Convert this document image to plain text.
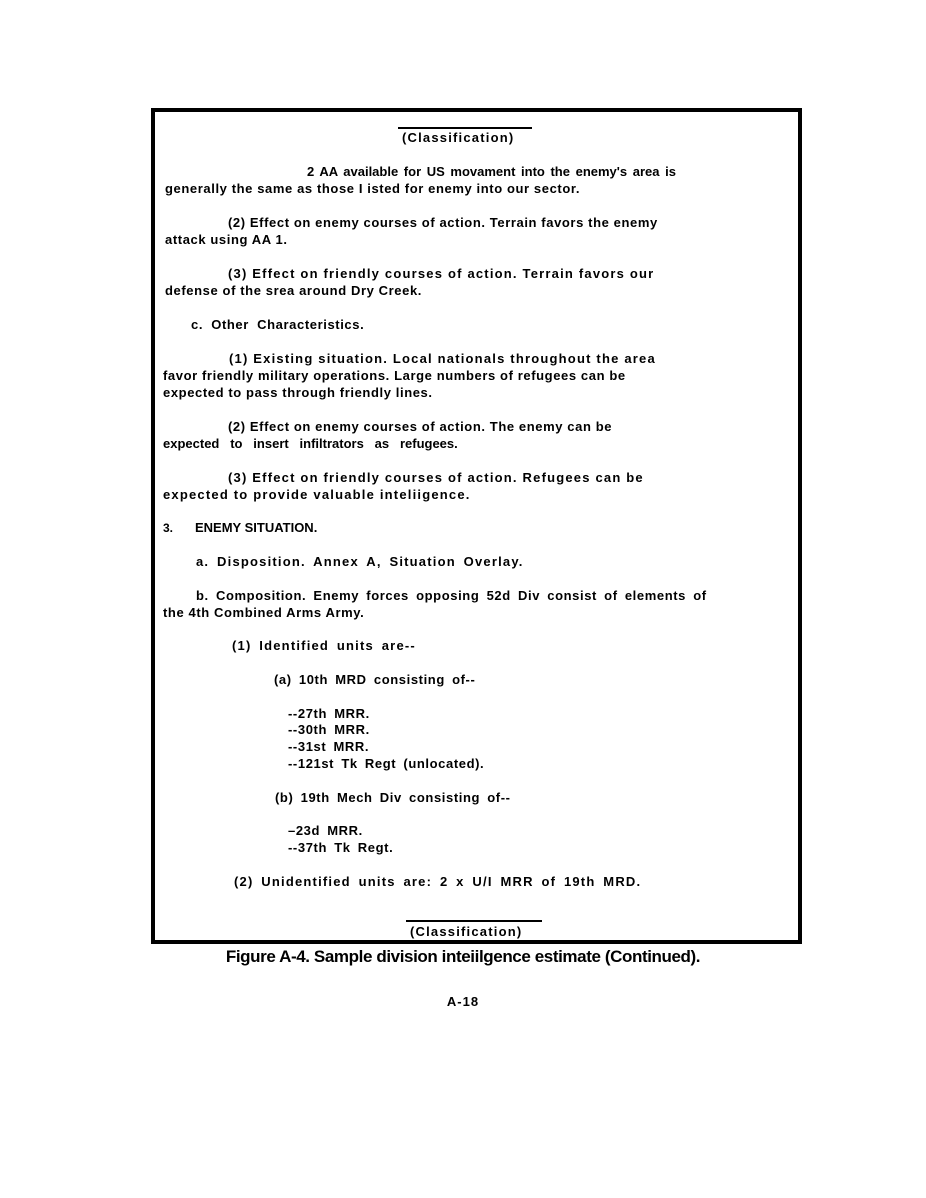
(Classification)
2 AA available for US movament into the enemy's area is
generally the same as those I isted for enemy into our sector.
(2) Effect on enemy courses of action. Terrain favors the enemy
attack using AA 1.
(3) Effect on friendly courses of action. Terrain favors our
defense of the srea around Dry Creek.
c. Other Characteristics.
(1) Existing situation. Local nationals throughout the area
favor friendly military operations. Large numbers of refugees can be
expected to pass through friendly lines.
(2) Effect on enemy courses of action. The enemy can be
expected   to   insert   infiltrators   as   refugees.
(3) Effect on friendly courses of action. Refugees can be
expected to provide valuable inteliigence.
3. ENEMY SITUATION.
a. Disposition. Annex A, Situation Overlay.
b. Composition. Enemy forces opposing 52d Div consist of elements of
the 4th Combined Arms Army.
(1) Identified units are--
(a) 10th MRD consisting of--
--27th MRR.
--30th MRR.
--31st MRR.
--121st Tk Regt (unlocated).
(b) 19th Mech Div consisting of--
–23d MRR.
--37th Tk Regt.
(2) Unidentified units are: 2 x U/I MRR of 19th MRD.
(Classification)
Figure A-4. Sample division inteiilgence estimate (Continued).
A-18
